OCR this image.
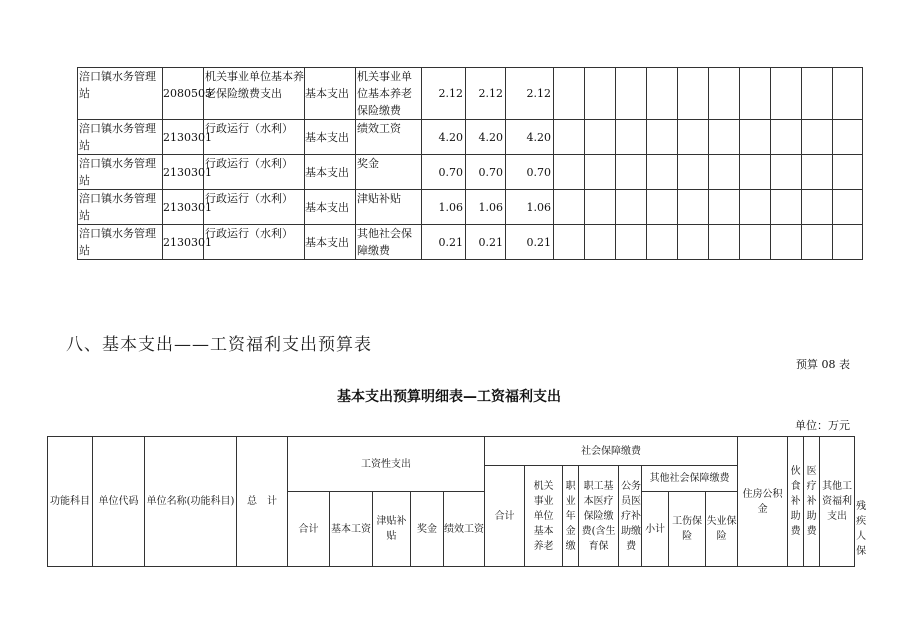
涪口镇水务管理站	2080505	机关事业单位基本养老保险缴费支出	基本支出	机关事业单位基本养老保险缴费	2.12	2.12	2.12										
涪口镇水务管理站	2130301	行政运行（水利）	基本支出	绩效工资	4.20	4.20	4.20										
涪口镇水务管理站	2130301	行政运行（水利）	基本支出	奖金	0.70	0.70	0.70										
涪口镇水务管理站	2130301	行政运行（水利）	基本支出	津贴补贴	1.06	1.06	1.06										
涪口镇水务管理站	2130301	行政运行（水利）	基本支出	其他社会保障缴费	0.21	0.21	0.21										
八、基本支出——工资福利支出预算表
预算 08 表
基本支出预算明细表—工资福利支出
单位：万元
功能科目	单位代码	单位名称(功能科目)	总　计	工资性支出					社会保障缴费								住房公积金	伙食补助费	医疗补助费	其他工资福利支出	
									合计	机关事业单位基本养老	职业年金缴	职工基本医疗保险缴费(含生育保	公务员医疗补助缴费	其他社会保障缴费							
				合计	基本工资	津贴补贴	奖金	绩效工资						小计	工伤保险	失业保险					残疾人保
